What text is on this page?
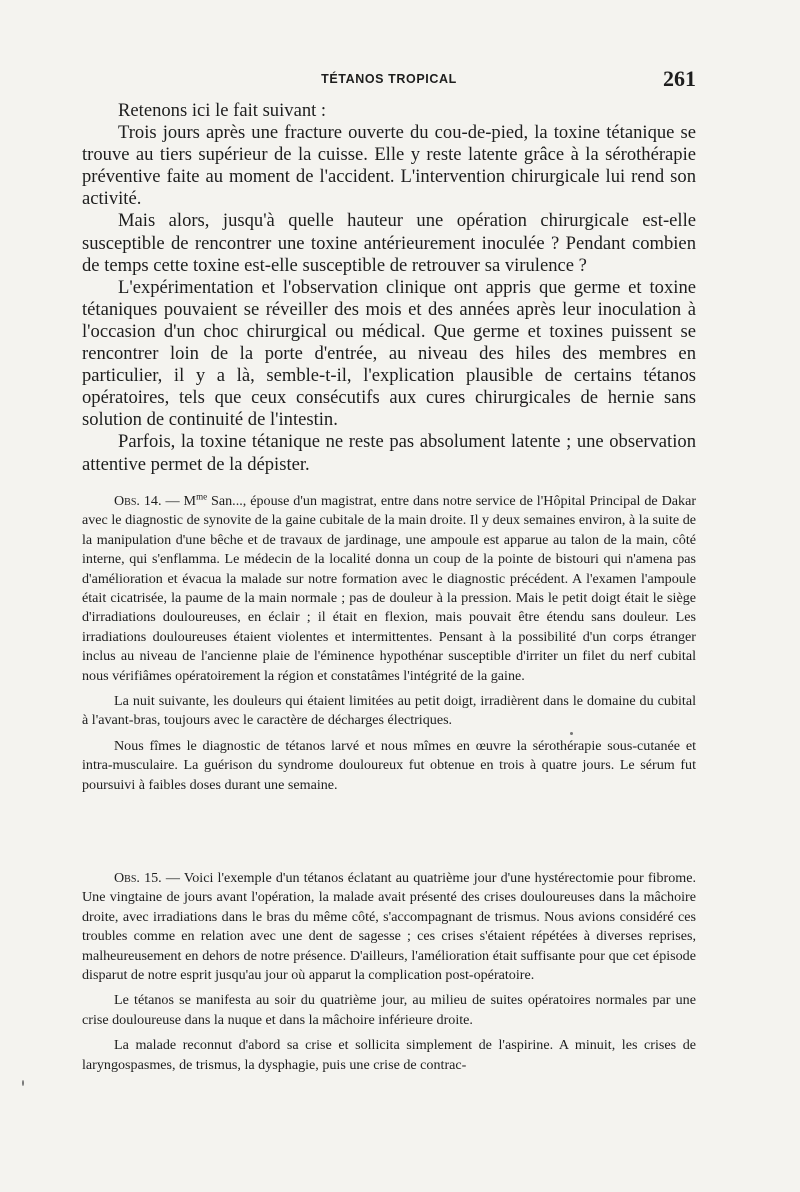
TÉTANOS TROPICAL	261

Retenons ici le fait suivant :

Trois jours après une fracture ouverte du cou-de-pied, la toxine tétanique se trouve au tiers supérieur de la cuisse. Elle y reste latente grâce à la sérothérapie préventive faite au moment de l'accident. L'intervention chirurgicale lui rend son activité.

Mais alors, jusqu'à quelle hauteur une opération chirurgicale est-elle susceptible de rencontrer une toxine antérieurement inoculée ? Pendant combien de temps cette toxine est-elle susceptible de retrouver sa virulence ?

L'expérimentation et l'observation clinique ont appris que germe et toxine tétaniques pouvaient se réveiller des mois et des années après leur inoculation à l'occasion d'un choc chirurgical ou médical. Que germe et toxines puissent se rencontrer loin de la porte d'entrée, au niveau des hiles des membres en particulier, il y a là, semble-t-il, l'explication plausible de certains tétanos opératoires, tels que ceux consécutifs aux cures chirurgicales de hernie sans solution de continuité de l'intestin.

Parfois, la toxine tétanique ne reste pas absolument latente ; une observation attentive permet de la dépister.

Obs. 14. — $M^{me}$ San..., épouse d'un magistrat, entre dans notre service de l'Hôpital Principal de Dakar avec le diagnostic de synovite de la gaine cubitale de la main droite. Il y deux semaines environ, à la suite de la manipulation d'une bêche et de travaux de jardinage, une ampoule est apparue au talon de la main, côté interne, qui s'enflamma. Le médecin de la localité donna un coup de la pointe de bistouri qui n'amena pas d'amélioration et évacua la malade sur notre formation avec le diagnostic précédent. A l'examen l'ampoule était cicatrisée, la paume de la main normale ; pas de douleur à la pression. Mais le petit doigt était le siège d'irradiations douloureuses, en éclair ; il était en flexion, mais pouvait être étendu sans douleur. Les irradiations douloureuses étaient violentes et intermittentes. Pensant à la possibilité d'un corps étranger inclus au niveau de l'ancienne plaie de l'éminence hypothénar susceptible d'irriter un filet du nerf cubital nous vérifiâmes opératoirement la région et constatâmes l'intégrité de la gaine.

La nuit suivante, les douleurs qui étaient limitées au petit doigt, irradièrent dans le domaine du cubital à l'avant-bras, toujours avec le caractère de décharges électriques.

Nous fîmes le diagnostic de tétanos larvé et nous mîmes en œuvre la sérothérapie sous-cutanée et intra-musculaire. La guérison du syndrome douloureux fut obtenue en trois à quatre jours. Le sérum fut poursuivi à faibles doses durant une semaine.

Obs. 15. — Voici l'exemple d'un tétanos éclatant au quatrième jour d'une hystérectomie pour fibrome. Une vingtaine de jours avant l'opération, la malade avait présenté des crises douloureuses dans la mâchoire droite, avec irradiations dans le bras du même côté, s'accompagnant de trismus. Nous avions considéré ces troubles comme en relation avec une dent de sagesse ; ces crises s'étaient répétées à diverses reprises, malheureusement en dehors de notre présence. D'ailleurs, l'amélioration était suffisante pour que cet épisode disparut de notre esprit jusqu'au jour où apparut la complication post-opératoire.

Le tétanos se manifesta au soir du quatrième jour, au milieu de suites opératoires normales par une crise douloureuse dans la nuque et dans la mâchoire inférieure droite.

La malade reconnut d'abord sa crise et sollicita simplement de l'aspirine. A minuit, les crises de laryngospasmes, de trismus, la dysphagie, puis une crise de contrac-
